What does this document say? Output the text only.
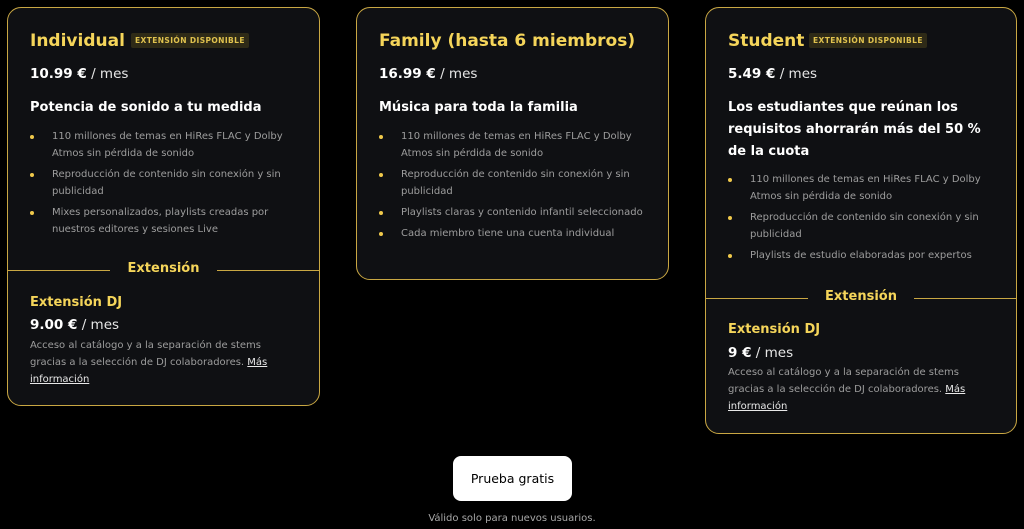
Individual	EXTENSIÓN DISPONIBLE
10.99 € / mes
Potencia de sonido a tu medida
110 millones de temas en HiRes FLAC y Dolby Atmos sin pérdida de sonido
Reproducción de contenido sin conexión y sin publicidad
Mixes personalizados, playlists creadas por nuestros editores y sesiones Live
Extensión
Extensión DJ
9.00 € / mes
Acceso al catálogo y a la separación de stems gracias a la selección de DJ colaboradores. Más información
Family (hasta 6 miembros)
16.99 € / mes
Música para toda la familia
110 millones de temas en HiRes FLAC y Dolby Atmos sin pérdida de sonido
Reproducción de contenido sin conexión y sin publicidad
Playlists claras y contenido infantil seleccionado
Cada miembro tiene una cuenta individual
Student	EXTENSIÓN DISPONIBLE
5.49 € / mes
Los estudiantes que reúnan los requisitos ahorrarán más del 50 % de la cuota
110 millones de temas en HiRes FLAC y Dolby Atmos sin pérdida de sonido
Reproducción de contenido sin conexión y sin publicidad
Playlists de estudio elaboradas por expertos
Extensión
Extensión DJ
9 € / mes
Acceso al catálogo y a la separación de stems gracias a la selección de DJ colaboradores. Más información
Prueba gratis
Válido solo para nuevos usuarios.
